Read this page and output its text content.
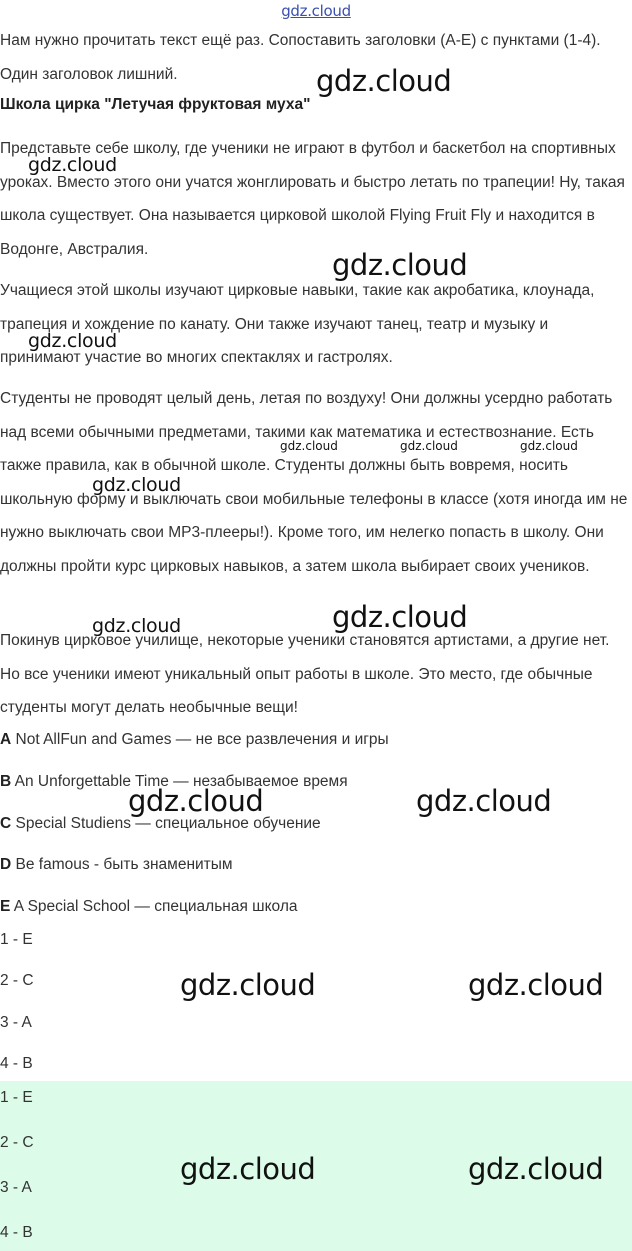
gdz.cloud
Нам нужно прочитать текст ещё раз. Сопоставить заголовки (A-E) с пунктами (1-4). Один заголовок лишний.
Школа цирка "Летучая фруктовая муха"
Представьте себе школу, где ученики не играют в футбол и баскетбол на спортивных уроках. Вместо этого они учатся жонглировать и быстро летать по трапеции! Ну, такая школа существует. Она называется цирковой школой Flying Fruit Fly и находится в Водонге, Австралия.
Учащиеся этой школы изучают цирковые навыки, такие как акробатика, клоунада, трапеция и хождение по канату. Они также изучают танец, театр и музыку и принимают участие во многих спектаклях и гастролях.
Студенты не проводят целый день, летая по воздуху! Они должны усердно работать над всеми обычными предметами, такими как математика и естествознание. Есть также правила, как в обычной школе. Студенты должны быть вовремя, носить школьную форму и выключать свои мобильные телефоны в классе (хотя иногда им не нужно выключать свои MP3-плееры!). Кроме того, им нелегко попасть в школу. Они должны пройти курс цирковых навыков, а затем школа выбирает своих учеников.
Покинув цирковое училище, некоторые ученики становятся артистами, а другие нет. Но все ученики имеют уникальный опыт работы в школе. Это место, где обычные студенты могут делать необычные вещи!
A Not AllFun and Games — не все развлечения и игры
B An Unforgettable Time — незабываемое время
C Special Studiens — специальное обучение
D Be famous - быть знаменитым
E A Special School — специальная школа
1 - E
2 - C
3 - A
4 - B
1 - E
2 - C
3 - A
4 - B
gdz.cloud
gdz.cloud
gdz.cloud
gdz.cloud
gdz.cloud	gdz.cloud	gdz.cloud
gdz.cloud
gdz.cloud
gdz.cloud
gdz.cloud	gdz.cloud
gdz.cloud	gdz.cloud
gdz.cloud	gdz.cloud
